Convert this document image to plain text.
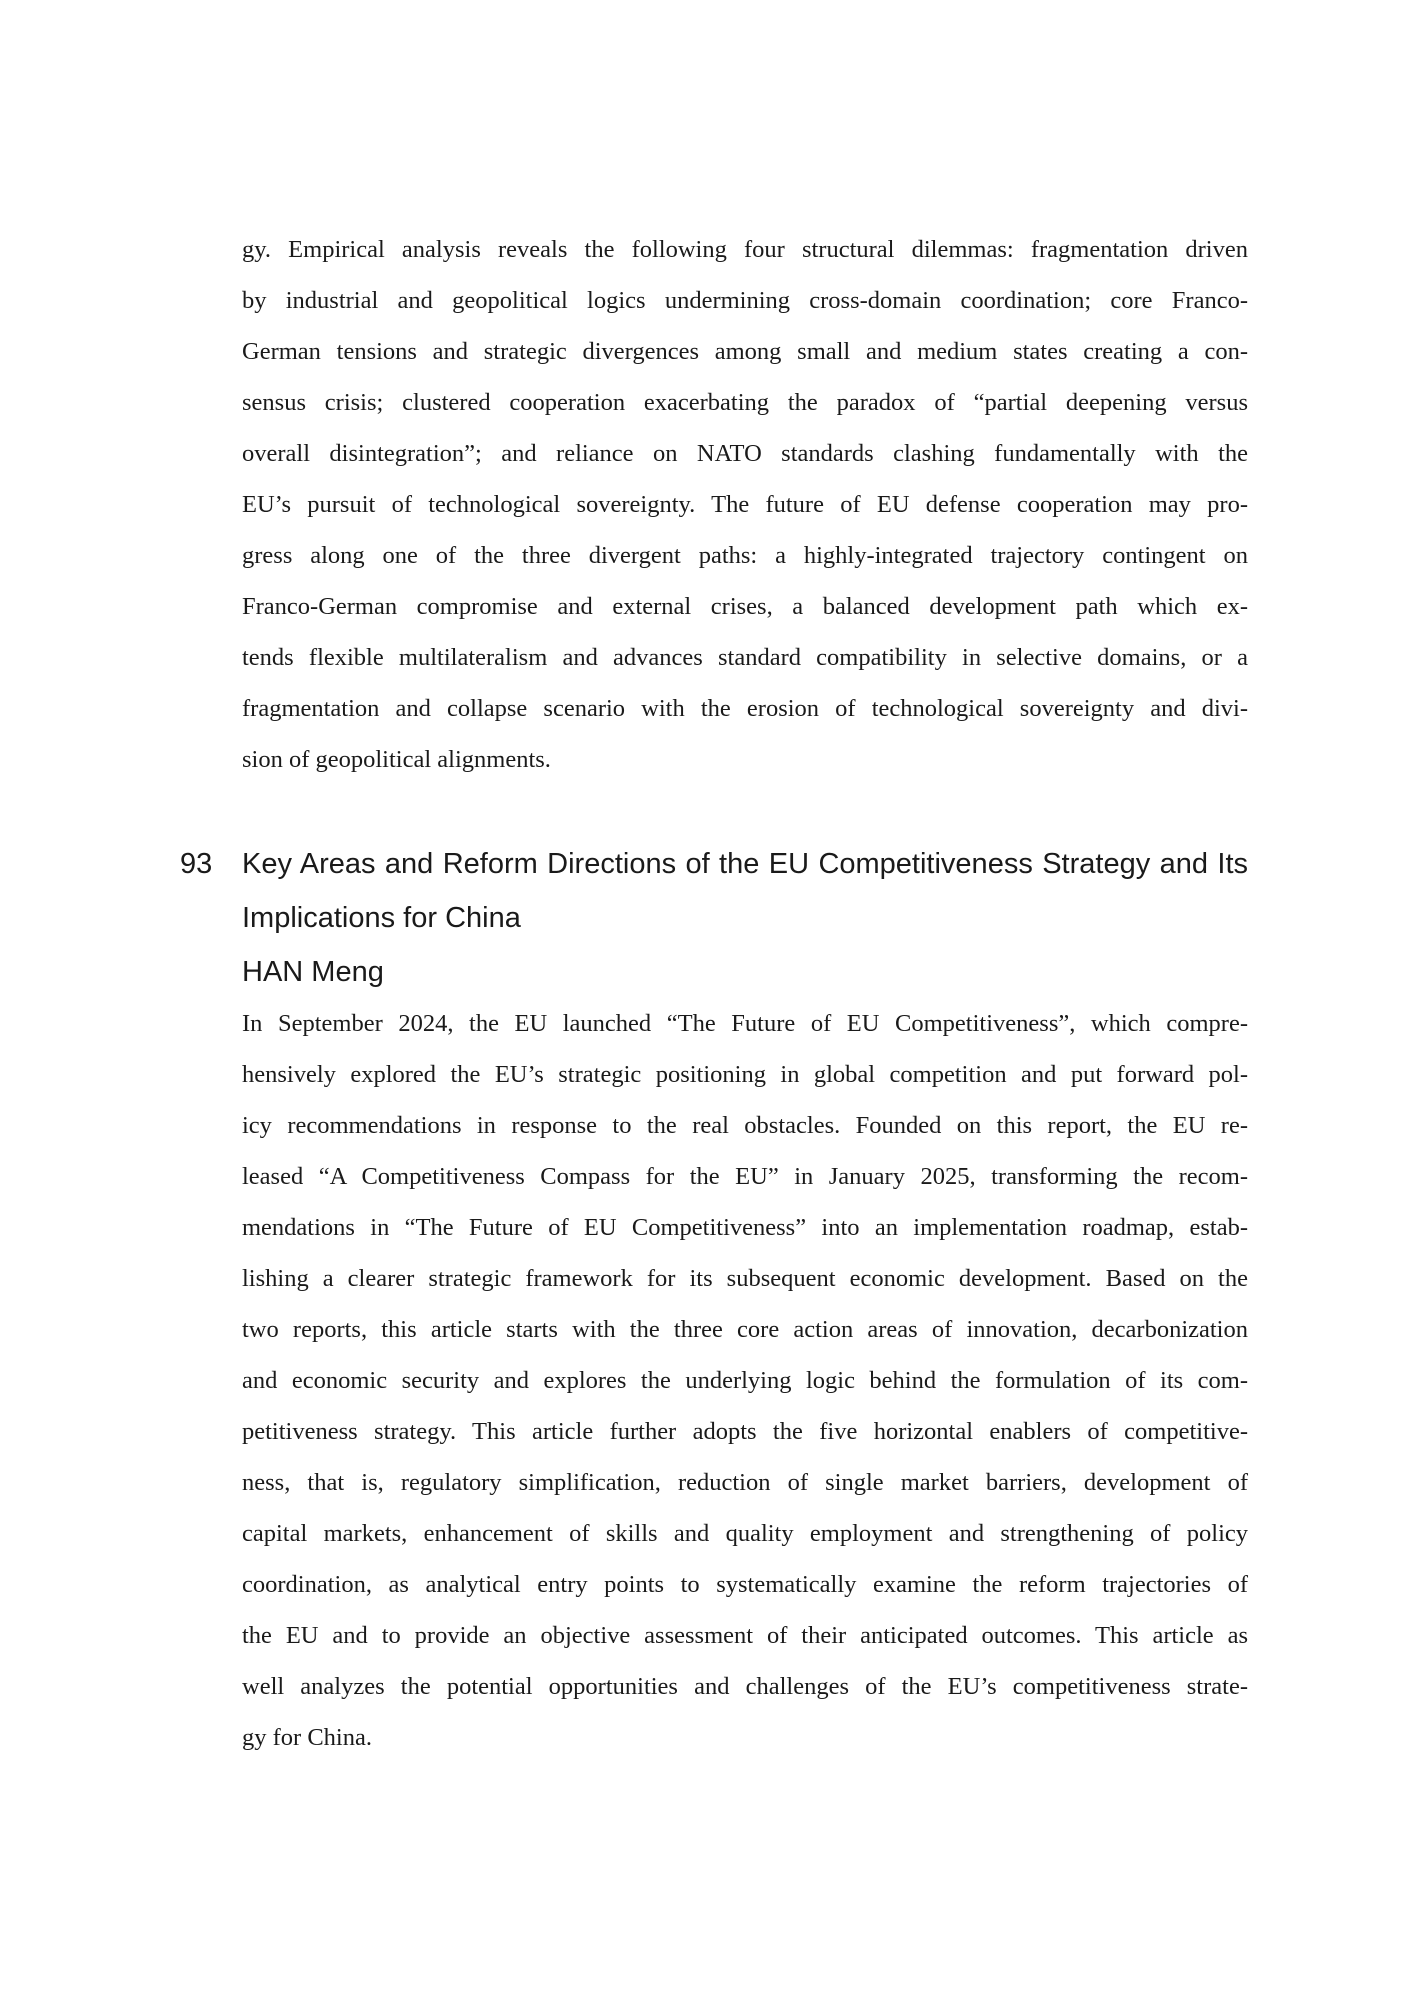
gy. Empirical analysis reveals the following four structural dilemmas: fragmentation driven
by industrial and geopolitical logics undermining cross-domain coordination; core Franco-
German tensions and strategic divergences among small and medium states creating a con-
sensus crisis; clustered cooperation exacerbating the paradox of “partial deepening versus
overall disintegration”; and reliance on NATO standards clashing fundamentally with the
EU’s pursuit of technological sovereignty. The future of EU defense cooperation may pro-
gress along one of the three divergent paths: a highly-integrated trajectory contingent on
Franco-German compromise and external crises, a balanced development path which ex-
tends flexible multilateralism and advances standard compatibility in selective domains, or a
fragmentation and collapse scenario with the erosion of technological sovereignty and divi-
sion of geopolitical alignments.
93 Key Areas and Reform Directions of the EU Competitiveness Strategy and Its
Implications for China
HAN Meng
In September 2024, the EU launched “The Future of EU Competitiveness”, which compre-
hensively explored the EU’s strategic positioning in global competition and put forward pol-
icy recommendations in response to the real obstacles. Founded on this report, the EU re-
leased “A Competitiveness Compass for the EU” in January 2025, transforming the recom-
mendations in “The Future of EU Competitiveness” into an implementation roadmap, estab-
lishing a clearer strategic framework for its subsequent economic development. Based on the
two reports, this article starts with the three core action areas of innovation, decarbonization
and economic security and explores the underlying logic behind the formulation of its com-
petitiveness strategy. This article further adopts the five horizontal enablers of competitive-
ness, that is, regulatory simplification, reduction of single market barriers, development of
capital markets, enhancement of skills and quality employment and strengthening of policy
coordination, as analytical entry points to systematically examine the reform trajectories of
the EU and to provide an objective assessment of their anticipated outcomes. This article as
well analyzes the potential opportunities and challenges of the EU’s competitiveness strate-
gy for China.
